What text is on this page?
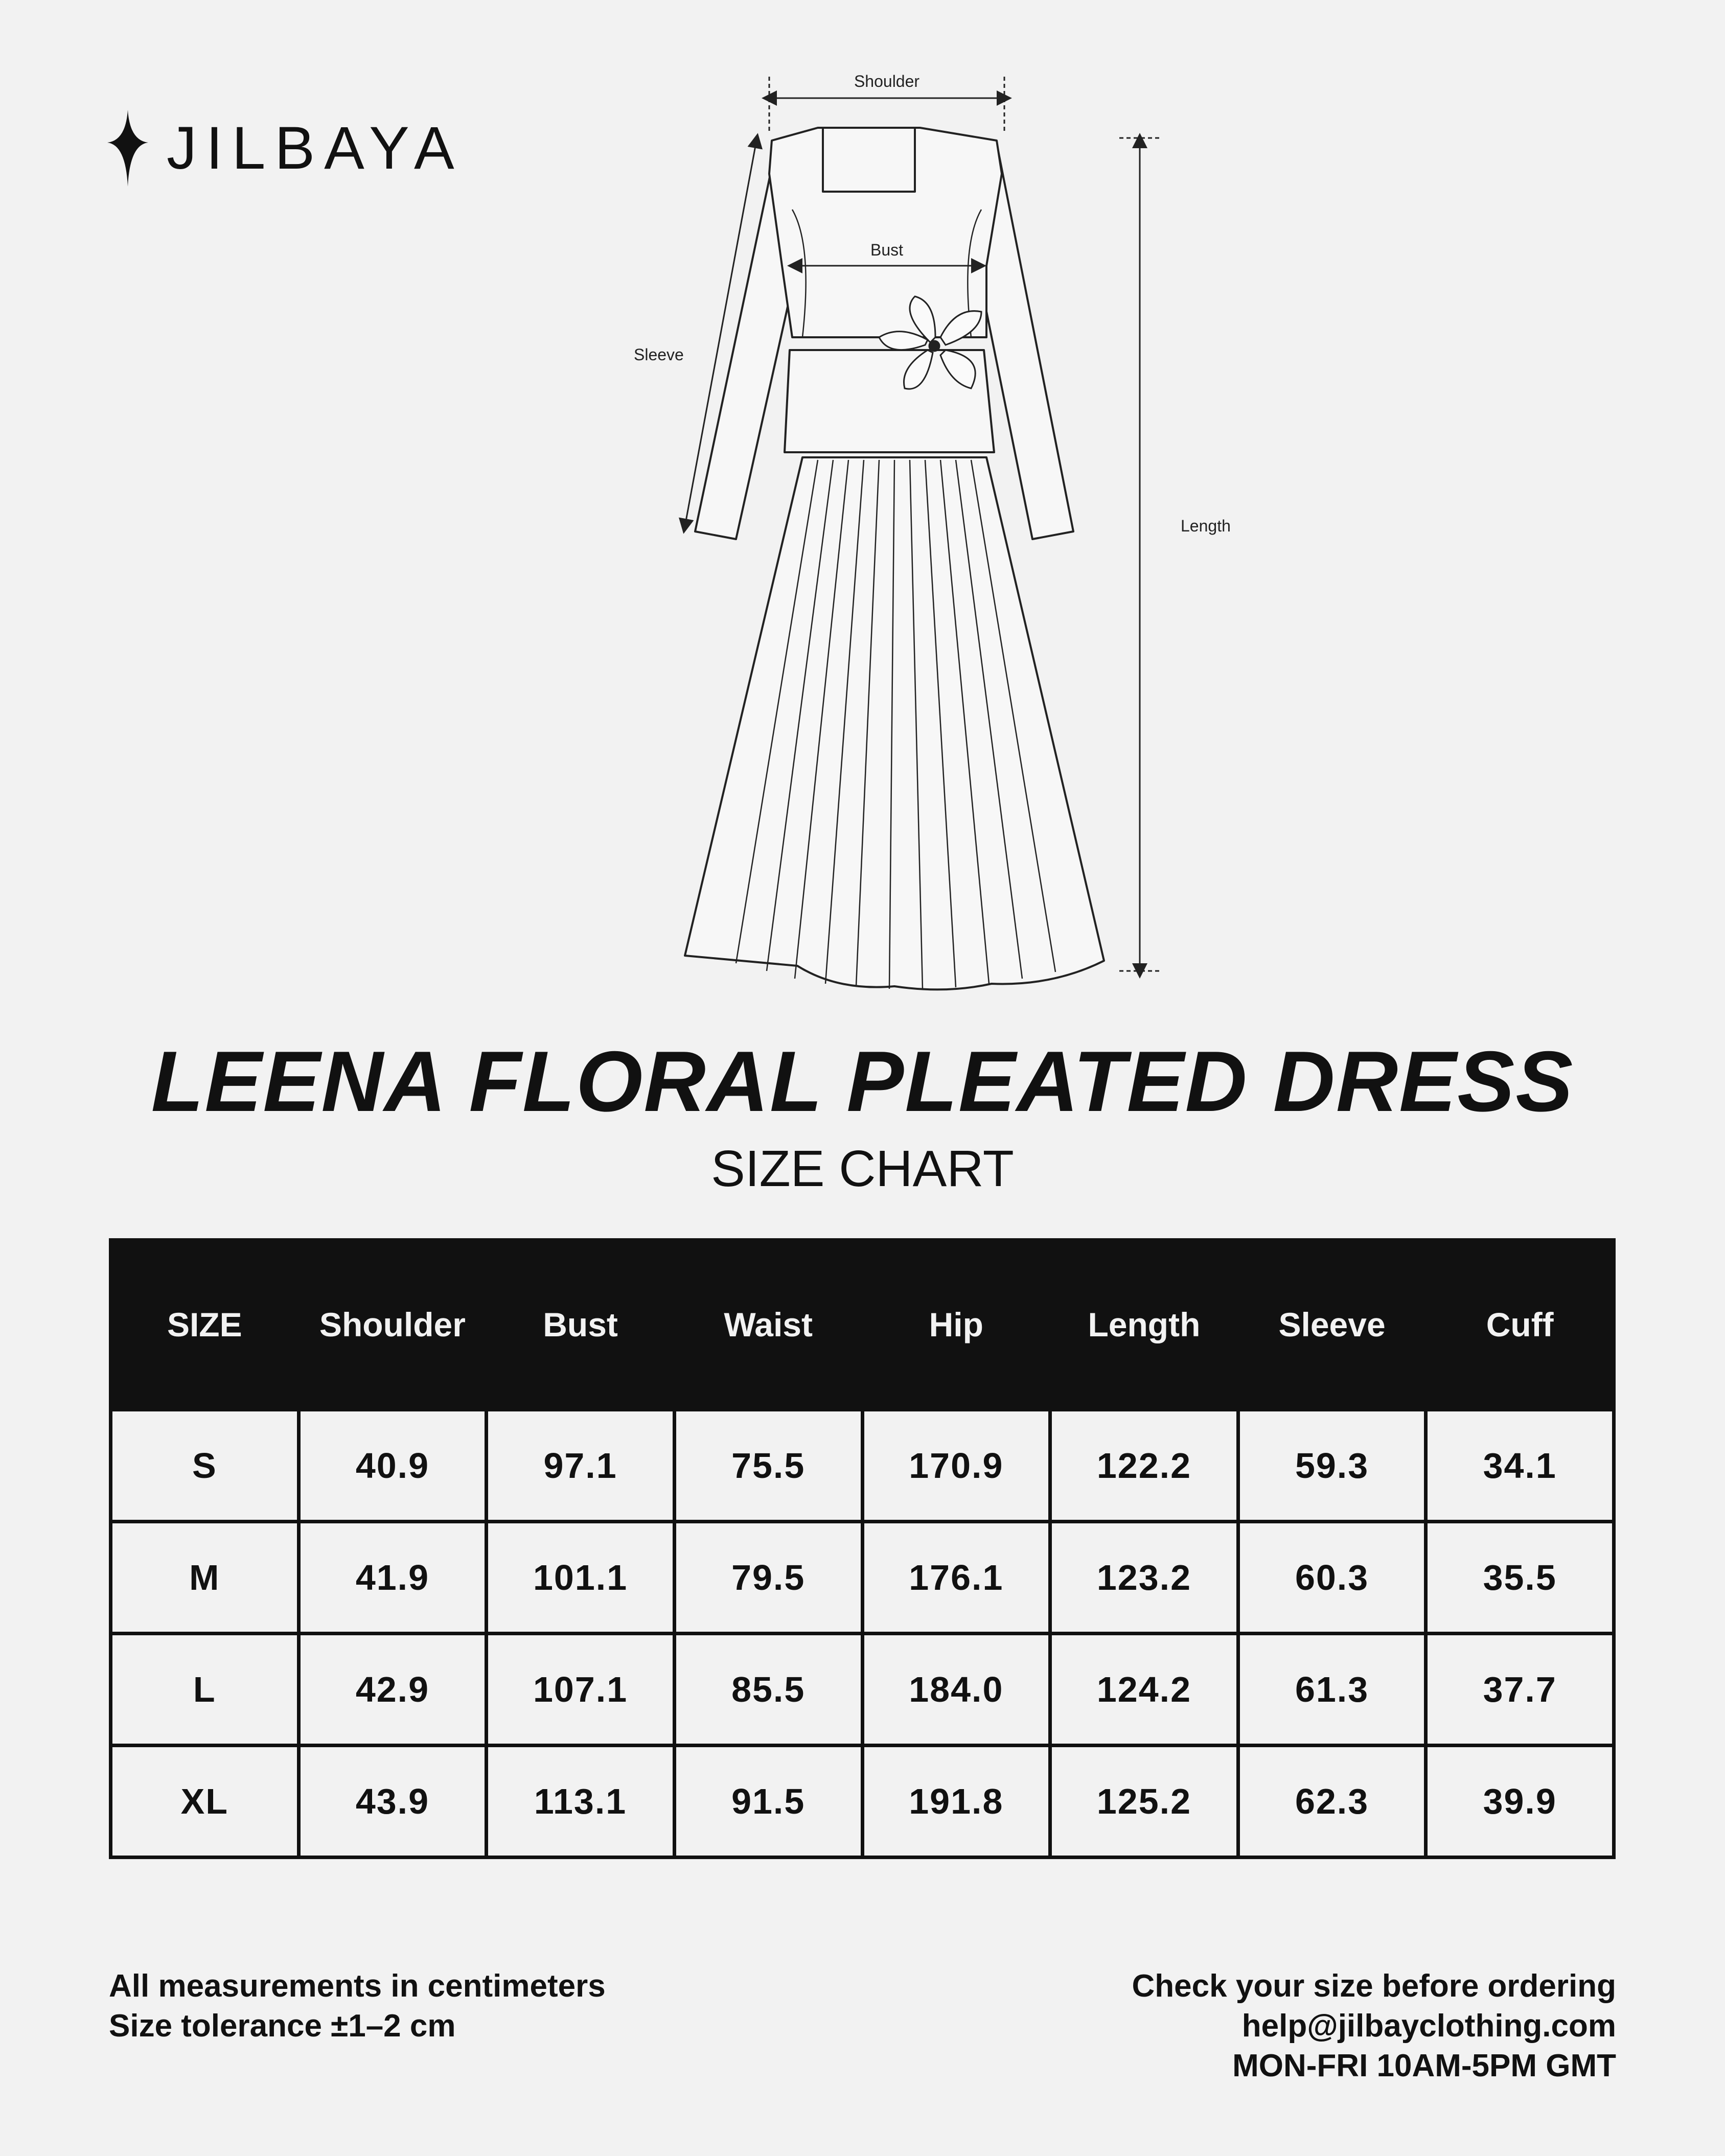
JILBAYA
Shoulder
Bust
Sleeve
Length
LEENA FLORAL PLEATED DRESS
SIZE CHART
SIZE	Shoulder	Bust	Waist	Hip	Length	Sleeve	Cuff
S	40.9	97.1	75.5	170.9	122.2	59.3	34.1
M	41.9	101.1	79.5	176.1	123.2	60.3	35.5
L	42.9	107.1	85.5	184.0	124.2	61.3	37.7
XL	43.9	113.1	91.5	191.8	125.2	62.3	39.9
All measurements in centimeters
Size tolerance ±1–2 cm
Check your size before ordering
help@jilbayclothing.com
MON-FRI 10AM-5PM GMT
